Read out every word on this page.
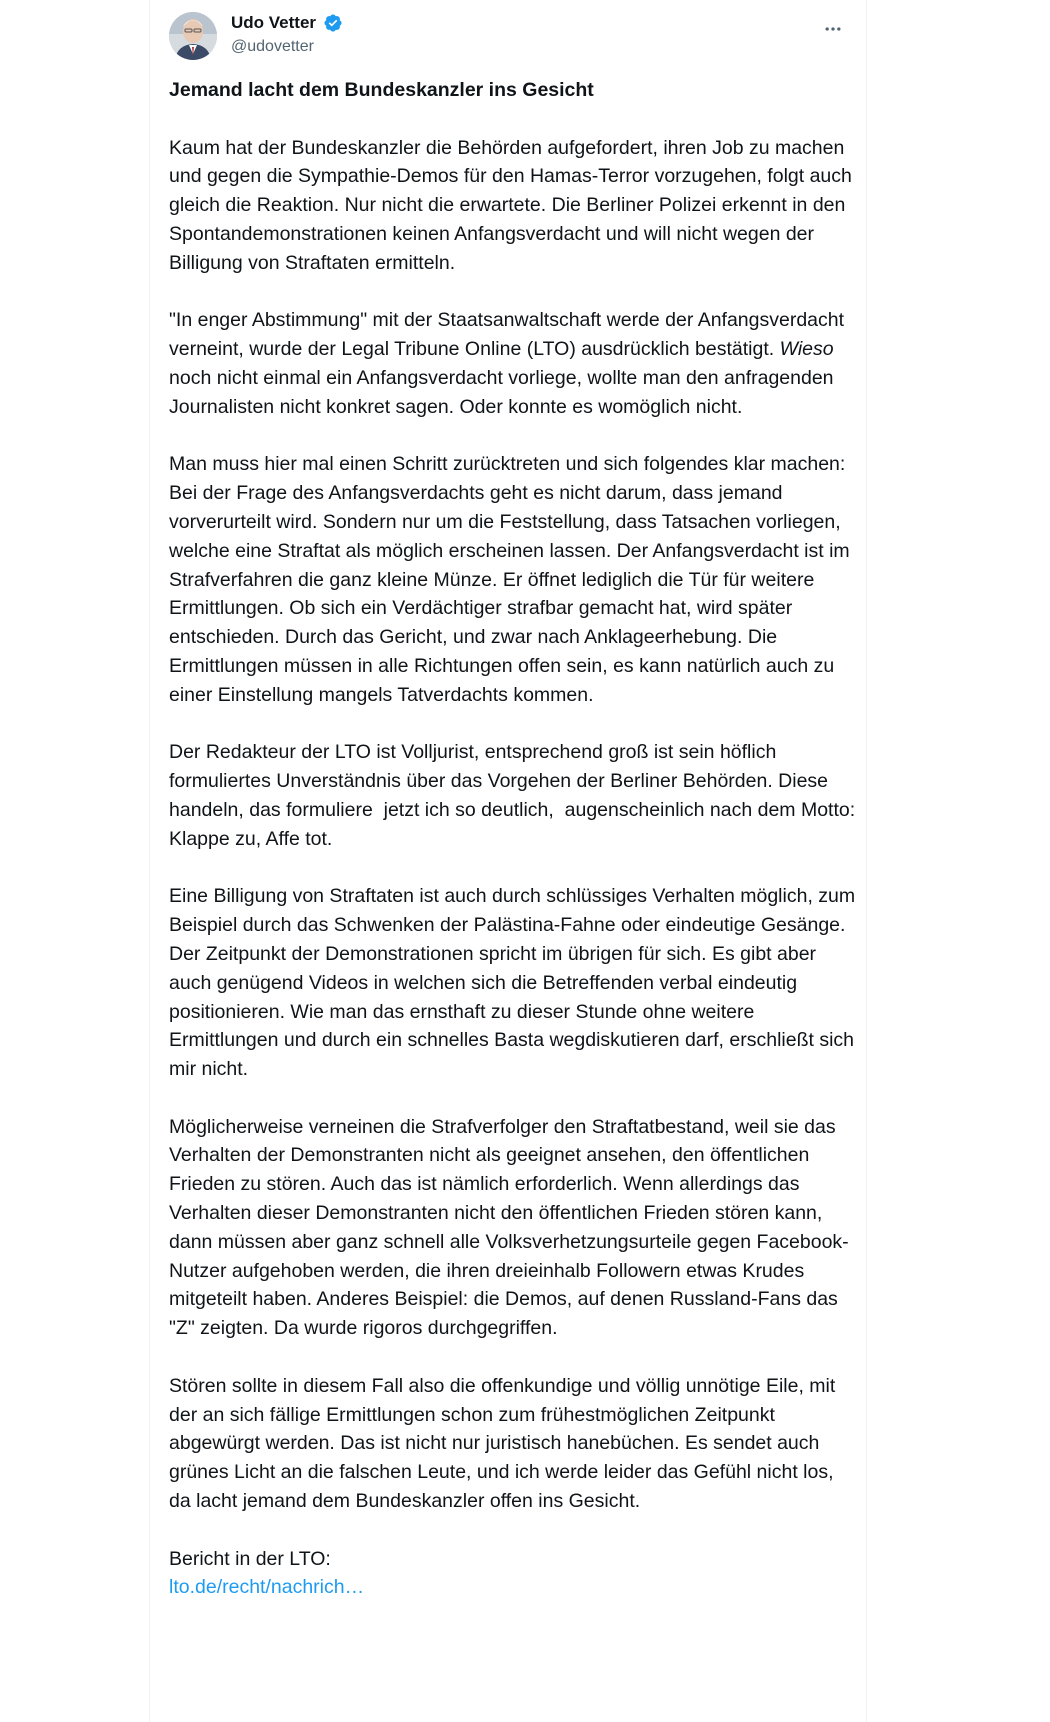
Udo Vetter
@udovetter
Jemand lacht dem Bundeskanzler ins Gesicht

Kaum hat der Bundeskanzler die Behörden aufgefordert, ihren Job zu machen und gegen die Sympathie-Demos für den Hamas-Terror vorzugehen, folgt auch gleich die Reaktion. Nur nicht die erwartete. Die Berliner Polizei erkennt in den Spontandemonstrationen keinen Anfangsverdacht und will nicht wegen der Billigung von Straftaten ermitteln.

"In enger Abstimmung" mit der Staatsanwaltschaft werde der Anfangsverdacht verneint, wurde der Legal Tribune Online (LTO) ausdrücklich bestätigt. Wieso noch nicht einmal ein Anfangsverdacht vorliege, wollte man den anfragenden Journalisten nicht konkret sagen. Oder konnte es womöglich nicht.

Man muss hier mal einen Schritt zurücktreten und sich folgendes klar machen: Bei der Frage des Anfangsverdachts geht es nicht darum, dass jemand vorverurteilt wird. Sondern nur um die Feststellung, dass Tatsachen vorliegen, welche eine Straftat als möglich erscheinen lassen. Der Anfangsverdacht ist im Strafverfahren die ganz kleine Münze. Er öffnet lediglich die Tür für weitere Ermittlungen. Ob sich ein Verdächtiger strafbar gemacht hat, wird später entschieden. Durch das Gericht, und zwar nach Anklageerhebung. Die Ermittlungen müssen in alle Richtungen offen sein, es kann natürlich auch zu einer Einstellung mangels Tatverdachts kommen.

Der Redakteur der LTO ist Volljurist, entsprechend groß ist sein höflich formuliertes Unverständnis über das Vorgehen der Berliner Behörden. Diese handeln, das formuliere  jetzt ich so deutlich,  augenscheinlich nach dem Motto: Klappe zu, Affe tot.

Eine Billigung von Straftaten ist auch durch schlüssiges Verhalten möglich, zum Beispiel durch das Schwenken der Palästina-Fahne oder eindeutige Gesänge. Der Zeitpunkt der Demonstrationen spricht im übrigen für sich. Es gibt aber auch genügend Videos in welchen sich die Betreffenden verbal eindeutig positionieren. Wie man das ernsthaft zu dieser Stunde ohne weitere Ermittlungen und durch ein schnelles Basta wegdiskutieren darf, erschließt sich mir nicht.

Möglicherweise verneinen die Strafverfolger den Straftatbestand, weil sie das Verhalten der Demonstranten nicht als geeignet ansehen, den öffentlichen Frieden zu stören. Auch das ist nämlich erforderlich. Wenn allerdings das Verhalten dieser Demonstranten nicht den öffentlichen Frieden stören kann, dann müssen aber ganz schnell alle Volksverhetzungsurteile gegen Facebook-Nutzer aufgehoben werden, die ihren dreieinhalb Followern etwas Krudes mitgeteilt haben. Anderes Beispiel: die Demos, auf denen Russland-Fans das "Z" zeigten. Da wurde rigoros durchgegriffen.

Stören sollte in diesem Fall also die offenkundige und völlig unnötige Eile, mit der an sich fällige Ermittlungen schon zum frühestmöglichen Zeitpunkt abgewürgt werden. Das ist nicht nur juristisch hanebüchen. Es sendet auch grünes Licht an die falschen Leute, und ich werde leider das Gefühl nicht los, da lacht jemand dem Bundeskanzler offen ins Gesicht.

Bericht in der LTO:
lto.de/recht/nachrich…
